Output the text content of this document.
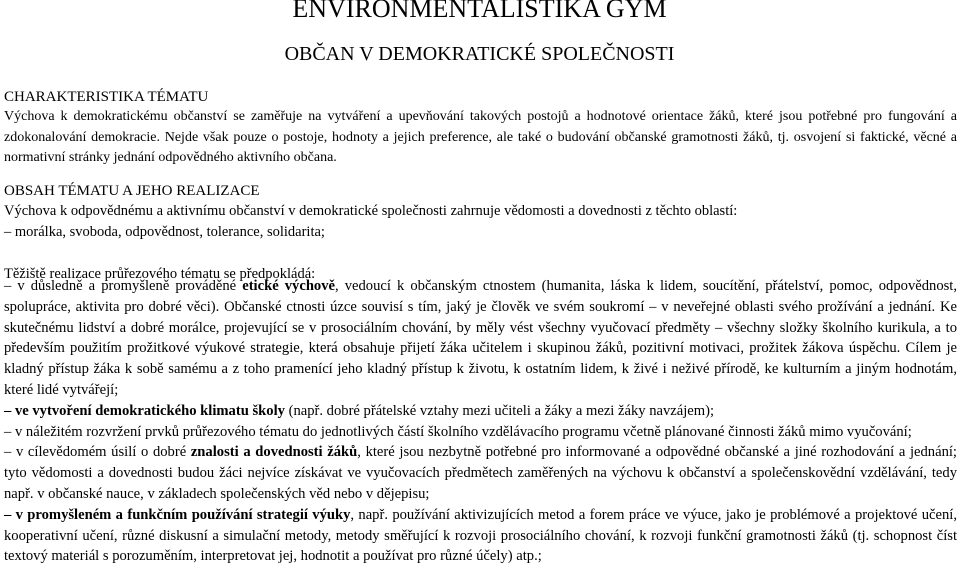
ENVIRONMENTALISTIKA GYM
OBČAN V DEMOKRATICKÉ SPOLEČNOSTI

CHARAKTERISTIKA TÉMATU

Výchova k demokratickému občanství se zaměřuje na vytváření a upevňování takových postojů a hodnotové orientace žáků, které jsou potřebné pro fungování a zdokonalování demokracie. Nejde však pouze o postoje, hodnoty a jejich preference, ale také o budování občanské gramotnosti žáků, tj. osvojení si faktické, věcné a normativní stránky jednání odpovědného aktivního občana.

OBSAH TÉMATU A JEHO REALIZACE

Výchova k odpovědnému a aktivnímu občanství v demokratické společnosti zahrnuje vědomosti a dovednosti z těchto oblastí:

– morálka, svoboda, odpovědnost, tolerance, solidarita;

Těžiště realizace průřezového tématu se předpokládá:

– v důsledně a promyšleně prováděné etické výchově, vedoucí k občanským ctnostem (humanita, láska k lidem, soucítění, přátelství, pomoc, odpovědnost, spolupráce, aktivita pro dobré věci). Občanské ctnosti úzce souvisí s tím, jaký je člověk ve svém soukromí – v neveřejné oblasti svého prožívání a jednání. Ke skutečnému lidství a dobré morálce, projevující se v prosociálním chování, by měly vést všechny vyučovací předměty – všechny složky školního kurikula, a to především použitím prožitkové výukové strategie, která obsahuje přijetí žáka učitelem i skupinou žáků, pozitivní motivaci, prožitek žákova úspěchu. Cílem je kladný přístup žáka k sobě samému a z toho pramenící jeho kladný přístup k životu, k ostatním lidem, k živé i neživé přírodě, ke kulturním a jiným hodnotám, které lidé vytvářejí;

– ve vytvoření demokratického klimatu školy (např. dobré přátelské vztahy mezi učiteli a žáky a mezi žáky navzájem);

– v náležitém rozvržení prvků průřezového tématu do jednotlivých částí školního vzdělávacího programu včetně plánované činnosti žáků mimo vyučování;

– v cílevědomém úsilí o dobré znalosti a dovednosti žáků, které jsou nezbytně potřebné pro informované a odpovědné občanské a jiné rozhodování a jednání; tyto vědomosti a dovednosti budou žáci nejvíce získávat ve vyučovacích předmětech zaměřených na výchovu k občanství a společenskovědní vzdělávání, tedy např. v občanské nauce, v základech společenských věd nebo v dějepisu;

– v promyšleném a funkčním používání strategií výuky, např. používání aktivizujících metod a forem práce ve výuce, jako je problémové a projektové učení, kooperativní učení, různé diskusní a simulační metody, metody směřující k rozvoji prosociálního chování, k rozvoji funkční gramotnosti žáků (tj. schopnost číst textový materiál s porozuměním, interpretovat jej, hodnotit a používat pro různé účely) atp.;
